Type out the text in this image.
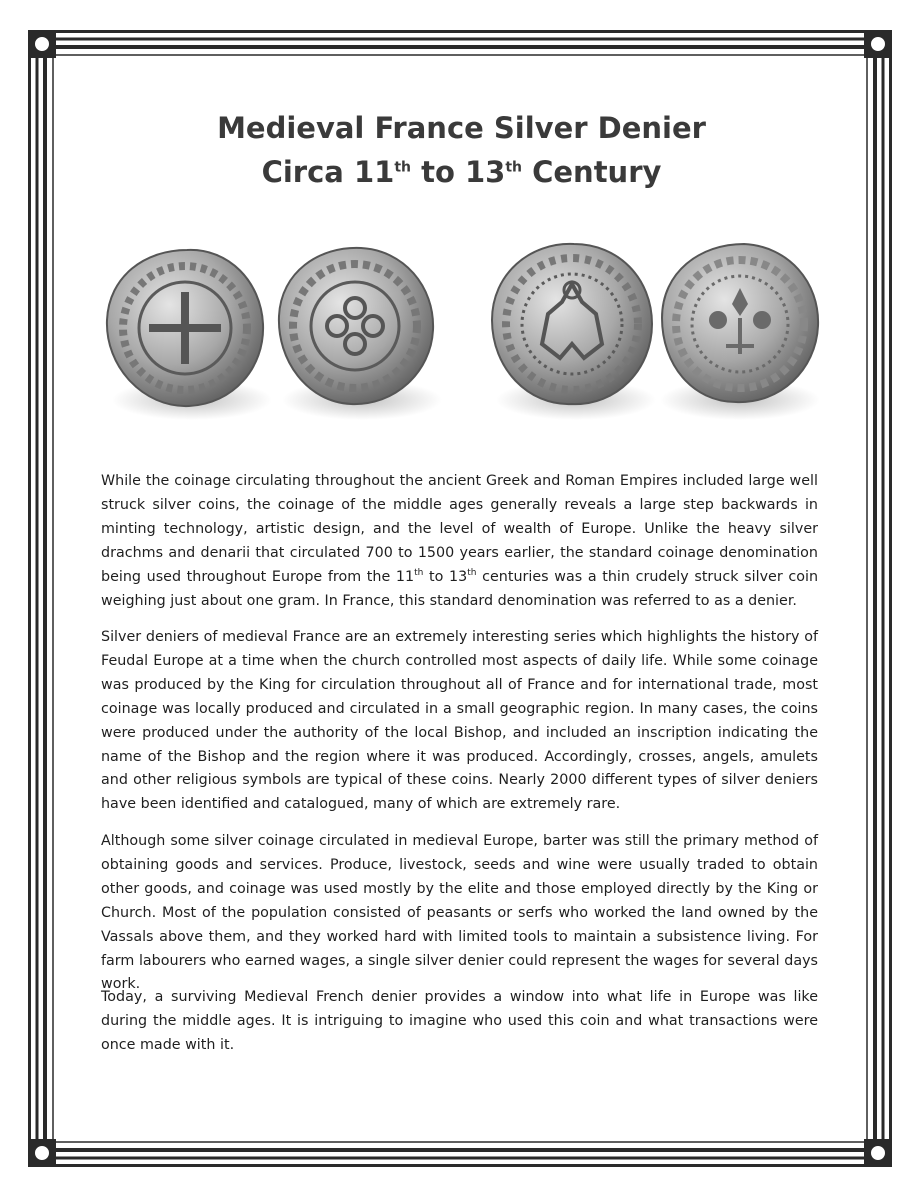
Medieval France Silver Denier
Circa 11th to 13th Century

While the coinage circulating throughout the ancient Greek and Roman Empires included large well struck silver coins, the coinage of the middle ages generally reveals a large step backwards in minting technology, artistic design, and the level of wealth of Europe. Unlike the heavy silver drachms and denarii that circulated 700 to 1500 years earlier, the standard coinage denomination being used throughout Europe from the 11th to 13th centuries was a thin crudely struck silver coin weighing just about one gram. In France, this standard denomination was referred to as a denier.

Silver deniers of medieval France are an extremely interesting series which highlights the history of Feudal Europe at a time when the church controlled most aspects of daily life. While some coinage was produced by the King for circulation throughout all of France and for international trade, most coinage was locally produced and circulated in a small geographic region. In many cases, the coins were produced under the authority of the local Bishop, and included an inscription indicating the name of the Bishop and the region where it was produced. Accordingly, crosses, angels, amulets and other religious symbols are typical of these coins. Nearly 2000 different types of silver deniers have been identified and catalogued, many of which are extremely rare.

Although some silver coinage circulated in medieval Europe, barter was still the primary method of obtaining goods and services. Produce, livestock, seeds and wine were usually traded to obtain other goods, and coinage was used mostly by the elite and those employed directly by the King or Church. Most of the population consisted of peasants or serfs who worked the land owned by the Vassals above them, and they worked hard with limited tools to maintain a subsistence living. For farm labourers who earned wages, a single silver denier could represent the wages for several days work.

Today, a surviving Medieval French denier provides a window into what life in Europe was like during the middle ages. It is intriguing to imagine who used this coin and what transactions were once made with it.
